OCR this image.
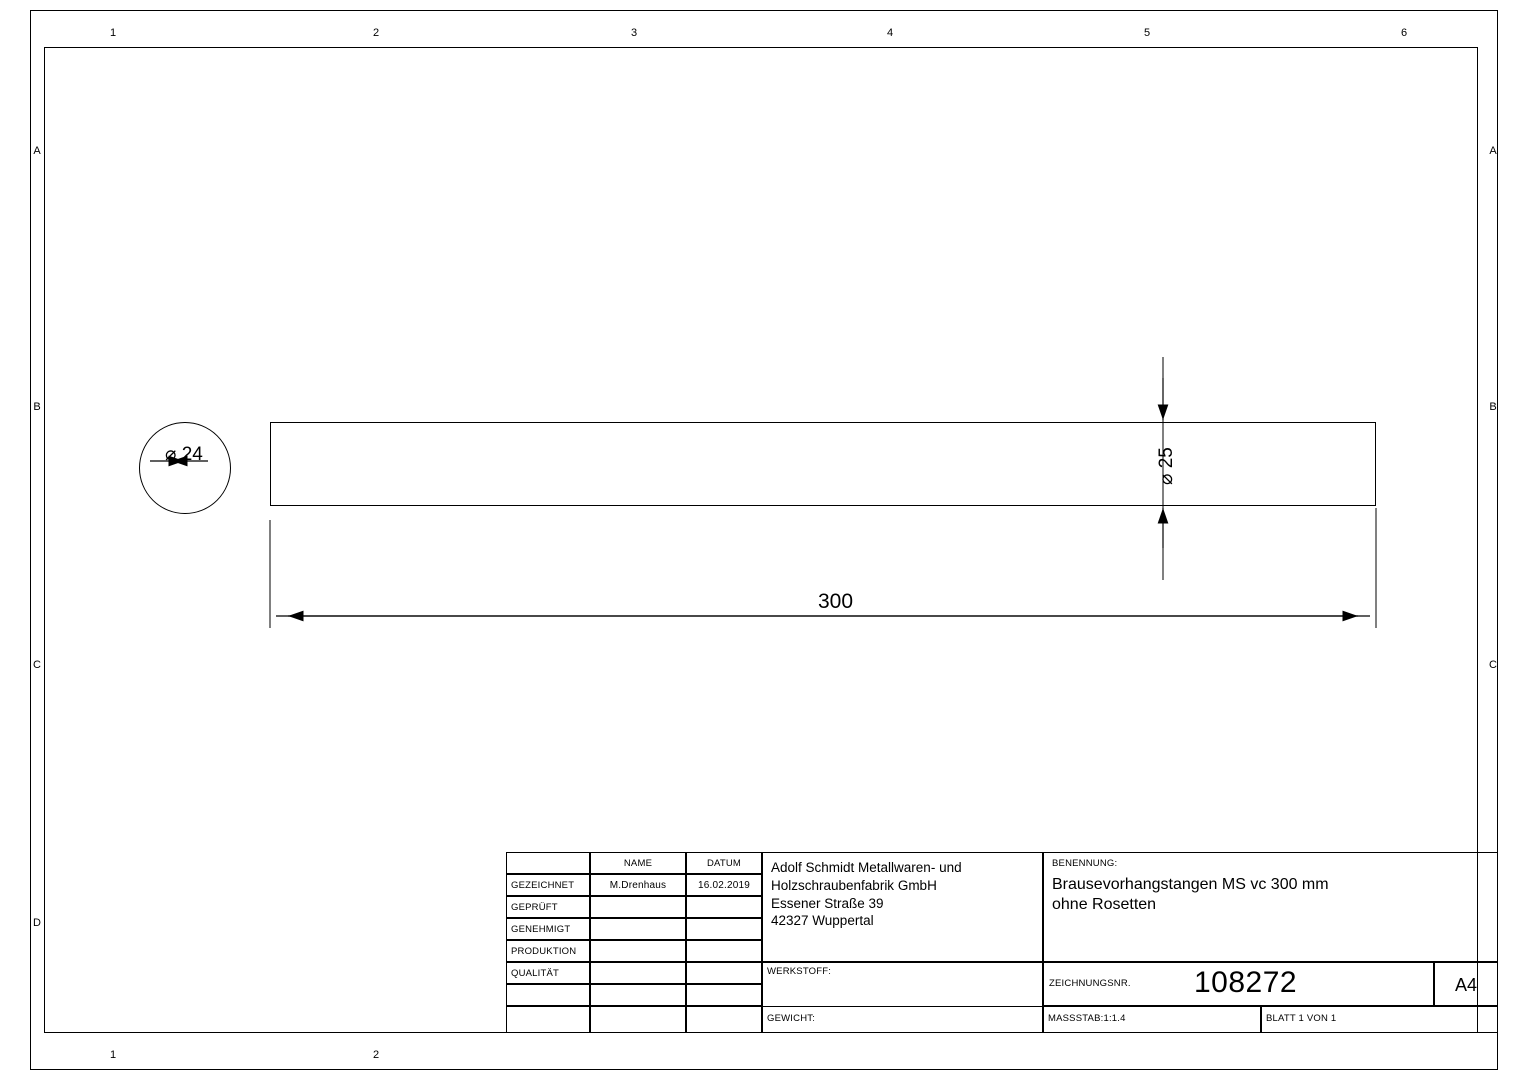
1	2	3	4	5	6
1	2
A
B
C
D
A
B
C
⌀ 24	⌀ 25
300
NAME	DATUM
GEZEICHNET	M.Drenhaus	16.02.2019
GEPRÜFT
GENEHMIGT
PRODUKTION
QUALITÄT
Adolf Schmidt Metallwaren- und
Holzschraubenfabrik GmbH
Essener Straße 39
42327 Wuppertal
WERKSTOFF:
GEWICHT:
BENENNUNG:
Brausevorhangstangen MS vc 300 mm
ohne Rosetten
ZEICHNUNGSNR. 108272	A4
MASSSTAB:1:1.4	BLATT 1 VON 1
